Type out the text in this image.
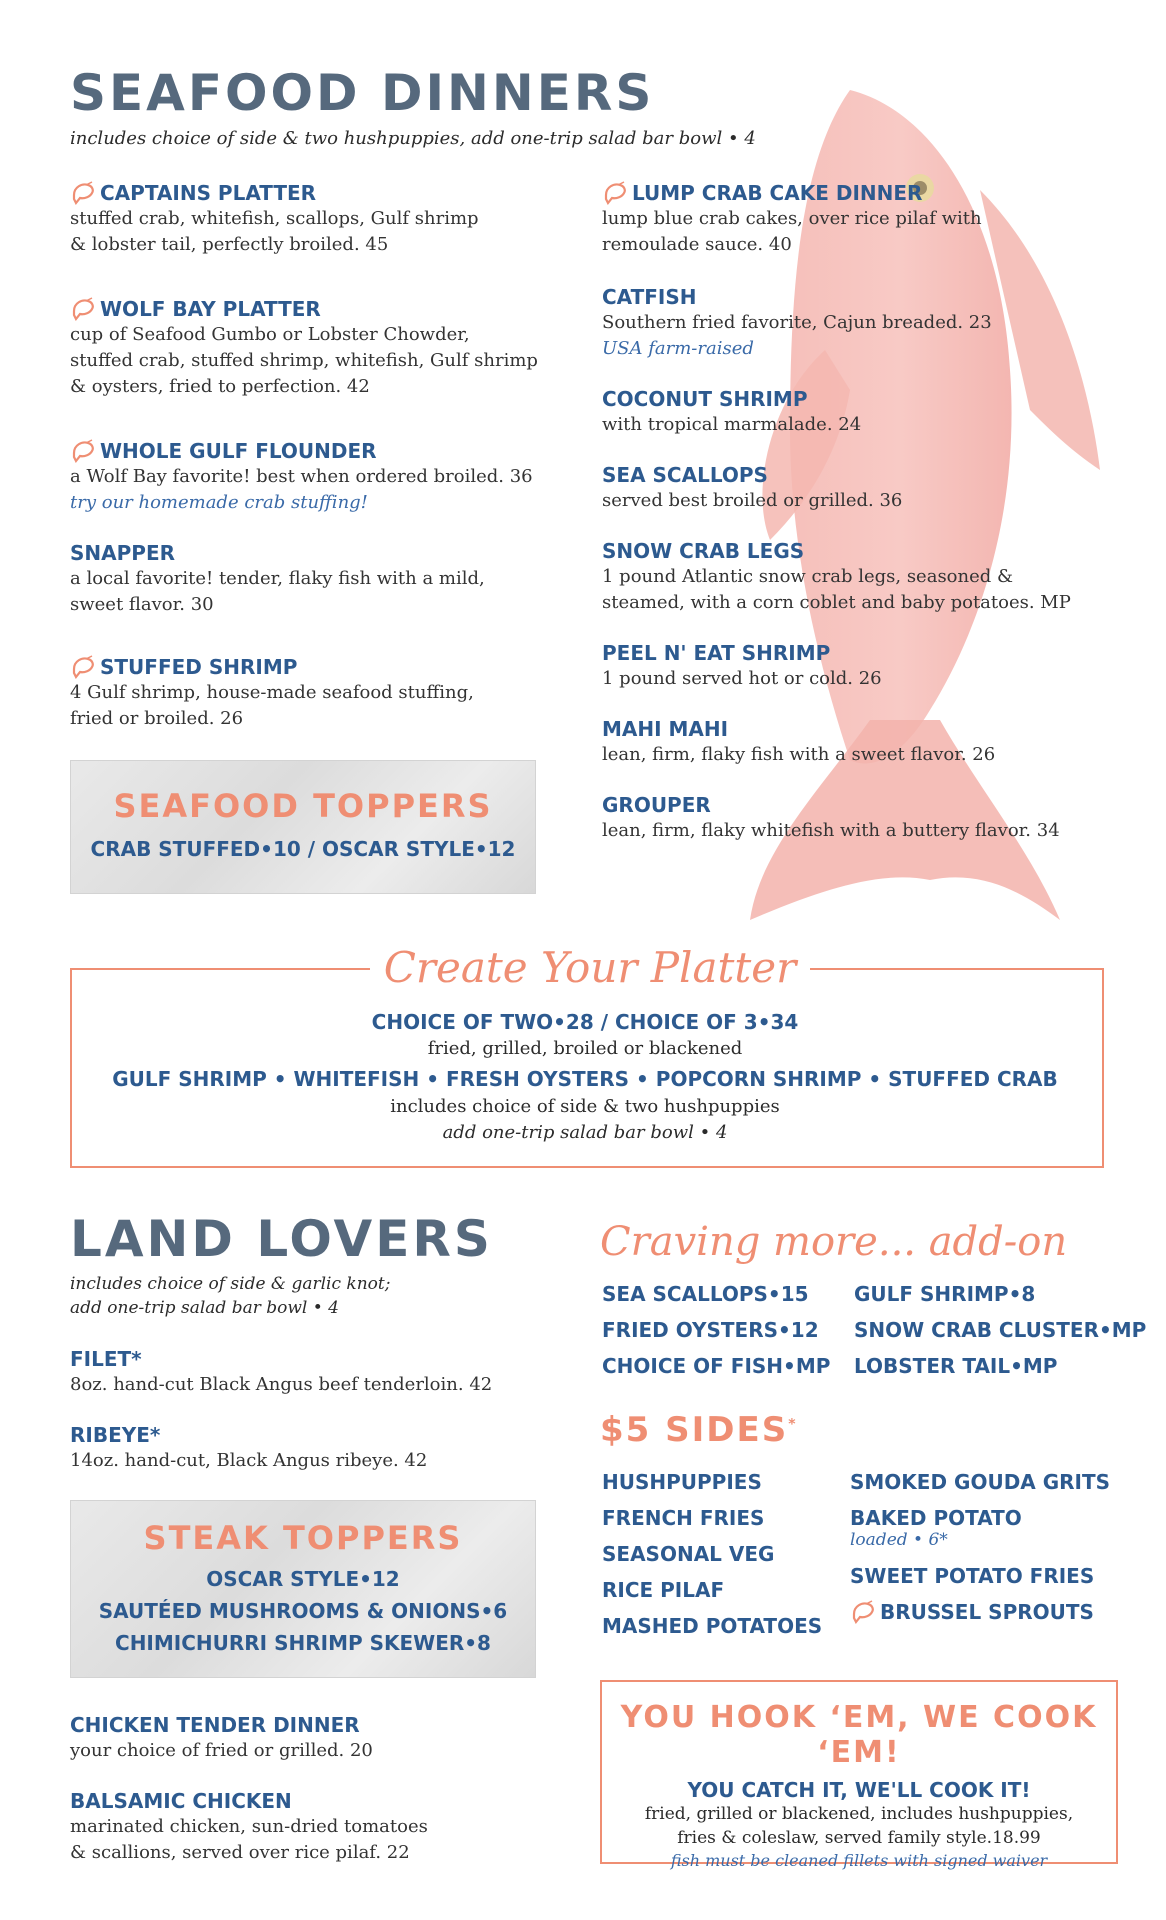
SEAFOOD DINNERS
includes choice of side & two hushpuppies, add one-trip salad bar bowl • 4
CAPTAINS PLATTER
stuffed crab, whitefish, scallops, Gulf shrimp
& lobster tail, perfectly broiled. 45
WOLF BAY PLATTER
cup of Seafood Gumbo or Lobster Chowder,
stuffed crab, stuffed shrimp, whitefish, Gulf shrimp
& oysters, fried to perfection. 42
WHOLE GULF FLOUNDER
a Wolf Bay favorite! best when ordered broiled. 36
try our homemade crab stuffing!
SNAPPER
a local favorite! tender, flaky fish with a mild,
sweet flavor. 30
STUFFED SHRIMP
4 Gulf shrimp, house-made seafood stuffing,
fried or broiled. 26
SEAFOOD TOPPERS
CRAB STUFFED•10 / OSCAR STYLE•12
LUMP CRAB CAKE DINNER
lump blue crab cakes, over rice pilaf with
remoulade sauce. 40
CATFISH
Southern fried favorite, Cajun breaded. 23
USA farm-raised
COCONUT SHRIMP
with tropical marmalade. 24
SEA SCALLOPS
served best broiled or grilled. 36
SNOW CRAB LEGS
1 pound Atlantic snow crab legs, seasoned &
steamed, with a corn coblet and baby potatoes. MP
PEEL N' EAT SHRIMP
1 pound served hot or cold. 26
MAHI MAHI
lean, firm, flaky fish with a sweet flavor. 26
GROUPER
lean, firm, flaky whitefish with a buttery flavor. 34
Create Your Platter
CHOICE OF TWO•28 / CHOICE OF 3•34
fried, grilled, broiled or blackened
GULF SHRIMP • WHITEFISH • FRESH OYSTERS • POPCORN SHRIMP • STUFFED CRAB
includes choice of side & two hushpuppies
add one-trip salad bar bowl • 4
LAND LOVERS
includes choice of side & garlic knot;
add one-trip salad bar bowl • 4
FILET*
8oz. hand-cut Black Angus beef tenderloin. 42
RIBEYE*
14oz. hand-cut, Black Angus ribeye. 42
STEAK TOPPERS
OSCAR STYLE•12
SAUTÉED MUSHROOMS & ONIONS•6
CHIMICHURRI SHRIMP SKEWER•8
CHICKEN TENDER DINNER
your choice of fried or grilled. 20
BALSAMIC CHICKEN
marinated chicken, sun-dried tomatoes
& scallions, served over rice pilaf. 22
Craving more... add-on
SEA SCALLOPS•15
FRIED OYSTERS•12
CHOICE OF FISH•MP
GULF SHRIMP•8
SNOW CRAB CLUSTER•MP
LOBSTER TAIL•MP
$5 SIDES*
HUSHPUPPIES
FRENCH FRIES
SEASONAL VEG
RICE PILAF
MASHED POTATOES
SMOKED GOUDA GRITS
BAKED POTATO
loaded • 6*
SWEET POTATO FRIES
BRUSSEL SPROUTS
YOU HOOK ‘EM, WE COOK ‘EM!
YOU CATCH IT, WE'LL COOK IT!
fried, grilled or blackened, includes hushpuppies,
fries & coleslaw, served family style.18.99
fish must be cleaned fillets with signed waiver
